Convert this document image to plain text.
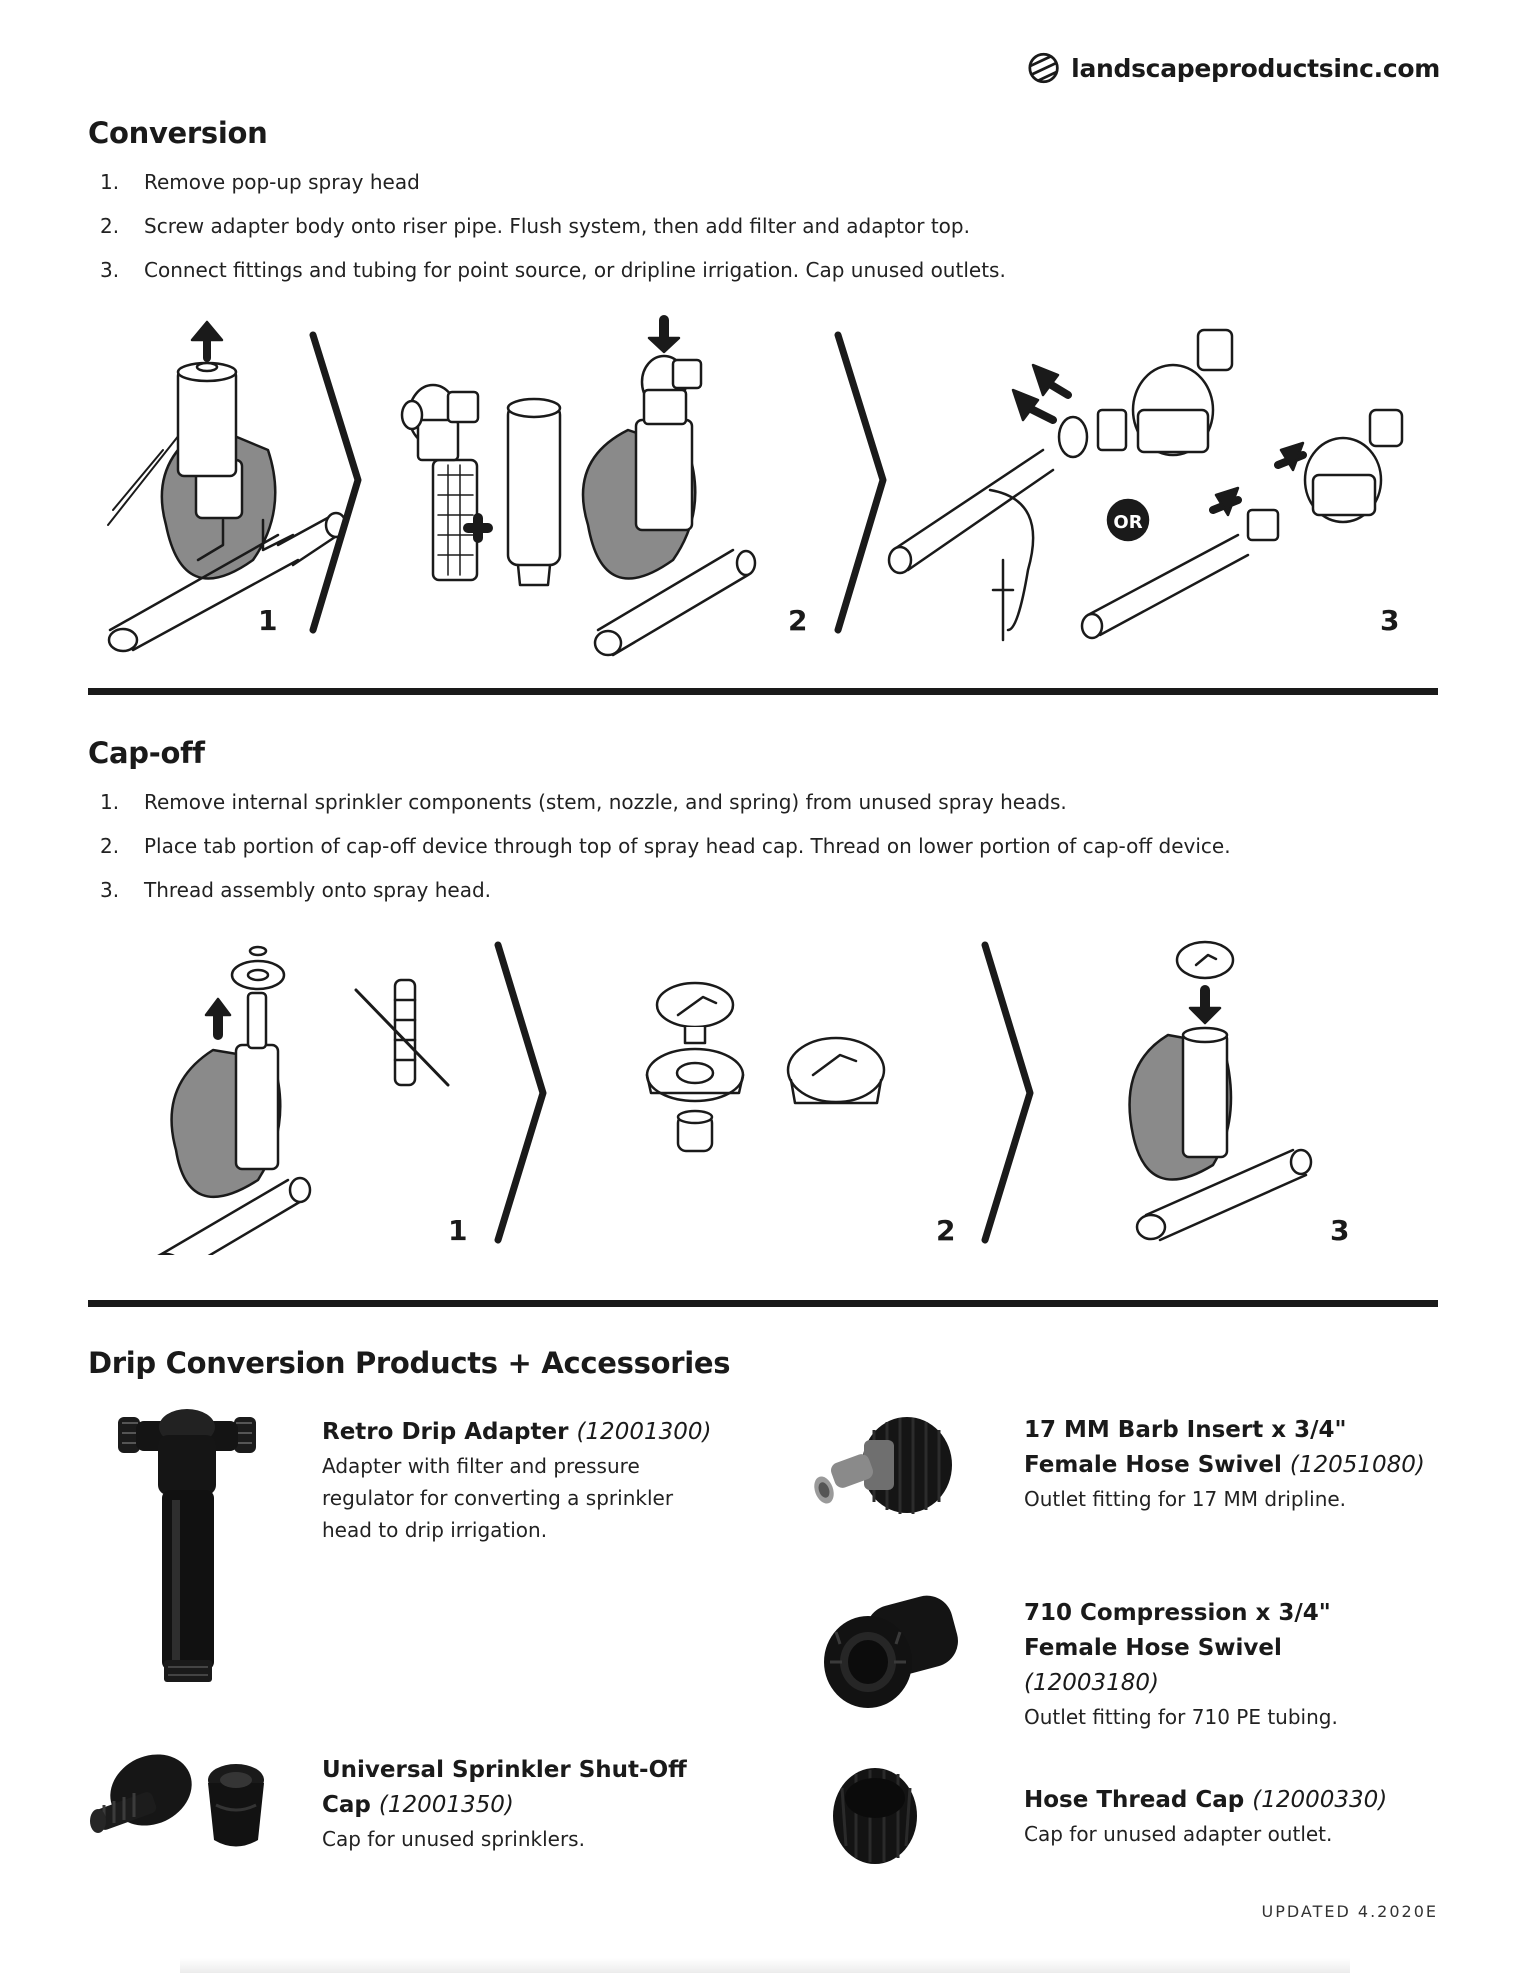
landscapeproductsinc.com
Conversion
1. Remove pop-up spray head
2. Screw adapter body onto riser pipe. Flush system, then add filter and adaptor top.
3. Connect fittings and tubing for point source, or dripline irrigation. Cap unused outlets.
1	2
OR
3
Cap-off
1. Remove internal sprinkler components (stem, nozzle, and spring) from unused spray heads.
2. Place tab portion of cap-off device through top of spray head cap. Thread on lower portion of cap-off device.
3. Thread assembly onto spray head.
1	2	3
Drip Conversion Products + Accessories
Retro Drip Adapter (12001300)
Adapter with filter and pressure
regulator for converting a sprinkler
head to drip irrigation.
17 MM Barb Insert x 3/4"
Female Hose Swivel (12051080)
Outlet fitting for 17 MM dripline.
710 Compression x 3/4"
Female Hose Swivel
(12003180)
Outlet fitting for 710 PE tubing.
Universal Sprinkler Shut-Off
Cap (12001350)
Cap for unused sprinklers.
Hose Thread Cap (12000330)
Cap for unused adapter outlet.
UPDATED 4.2020E
